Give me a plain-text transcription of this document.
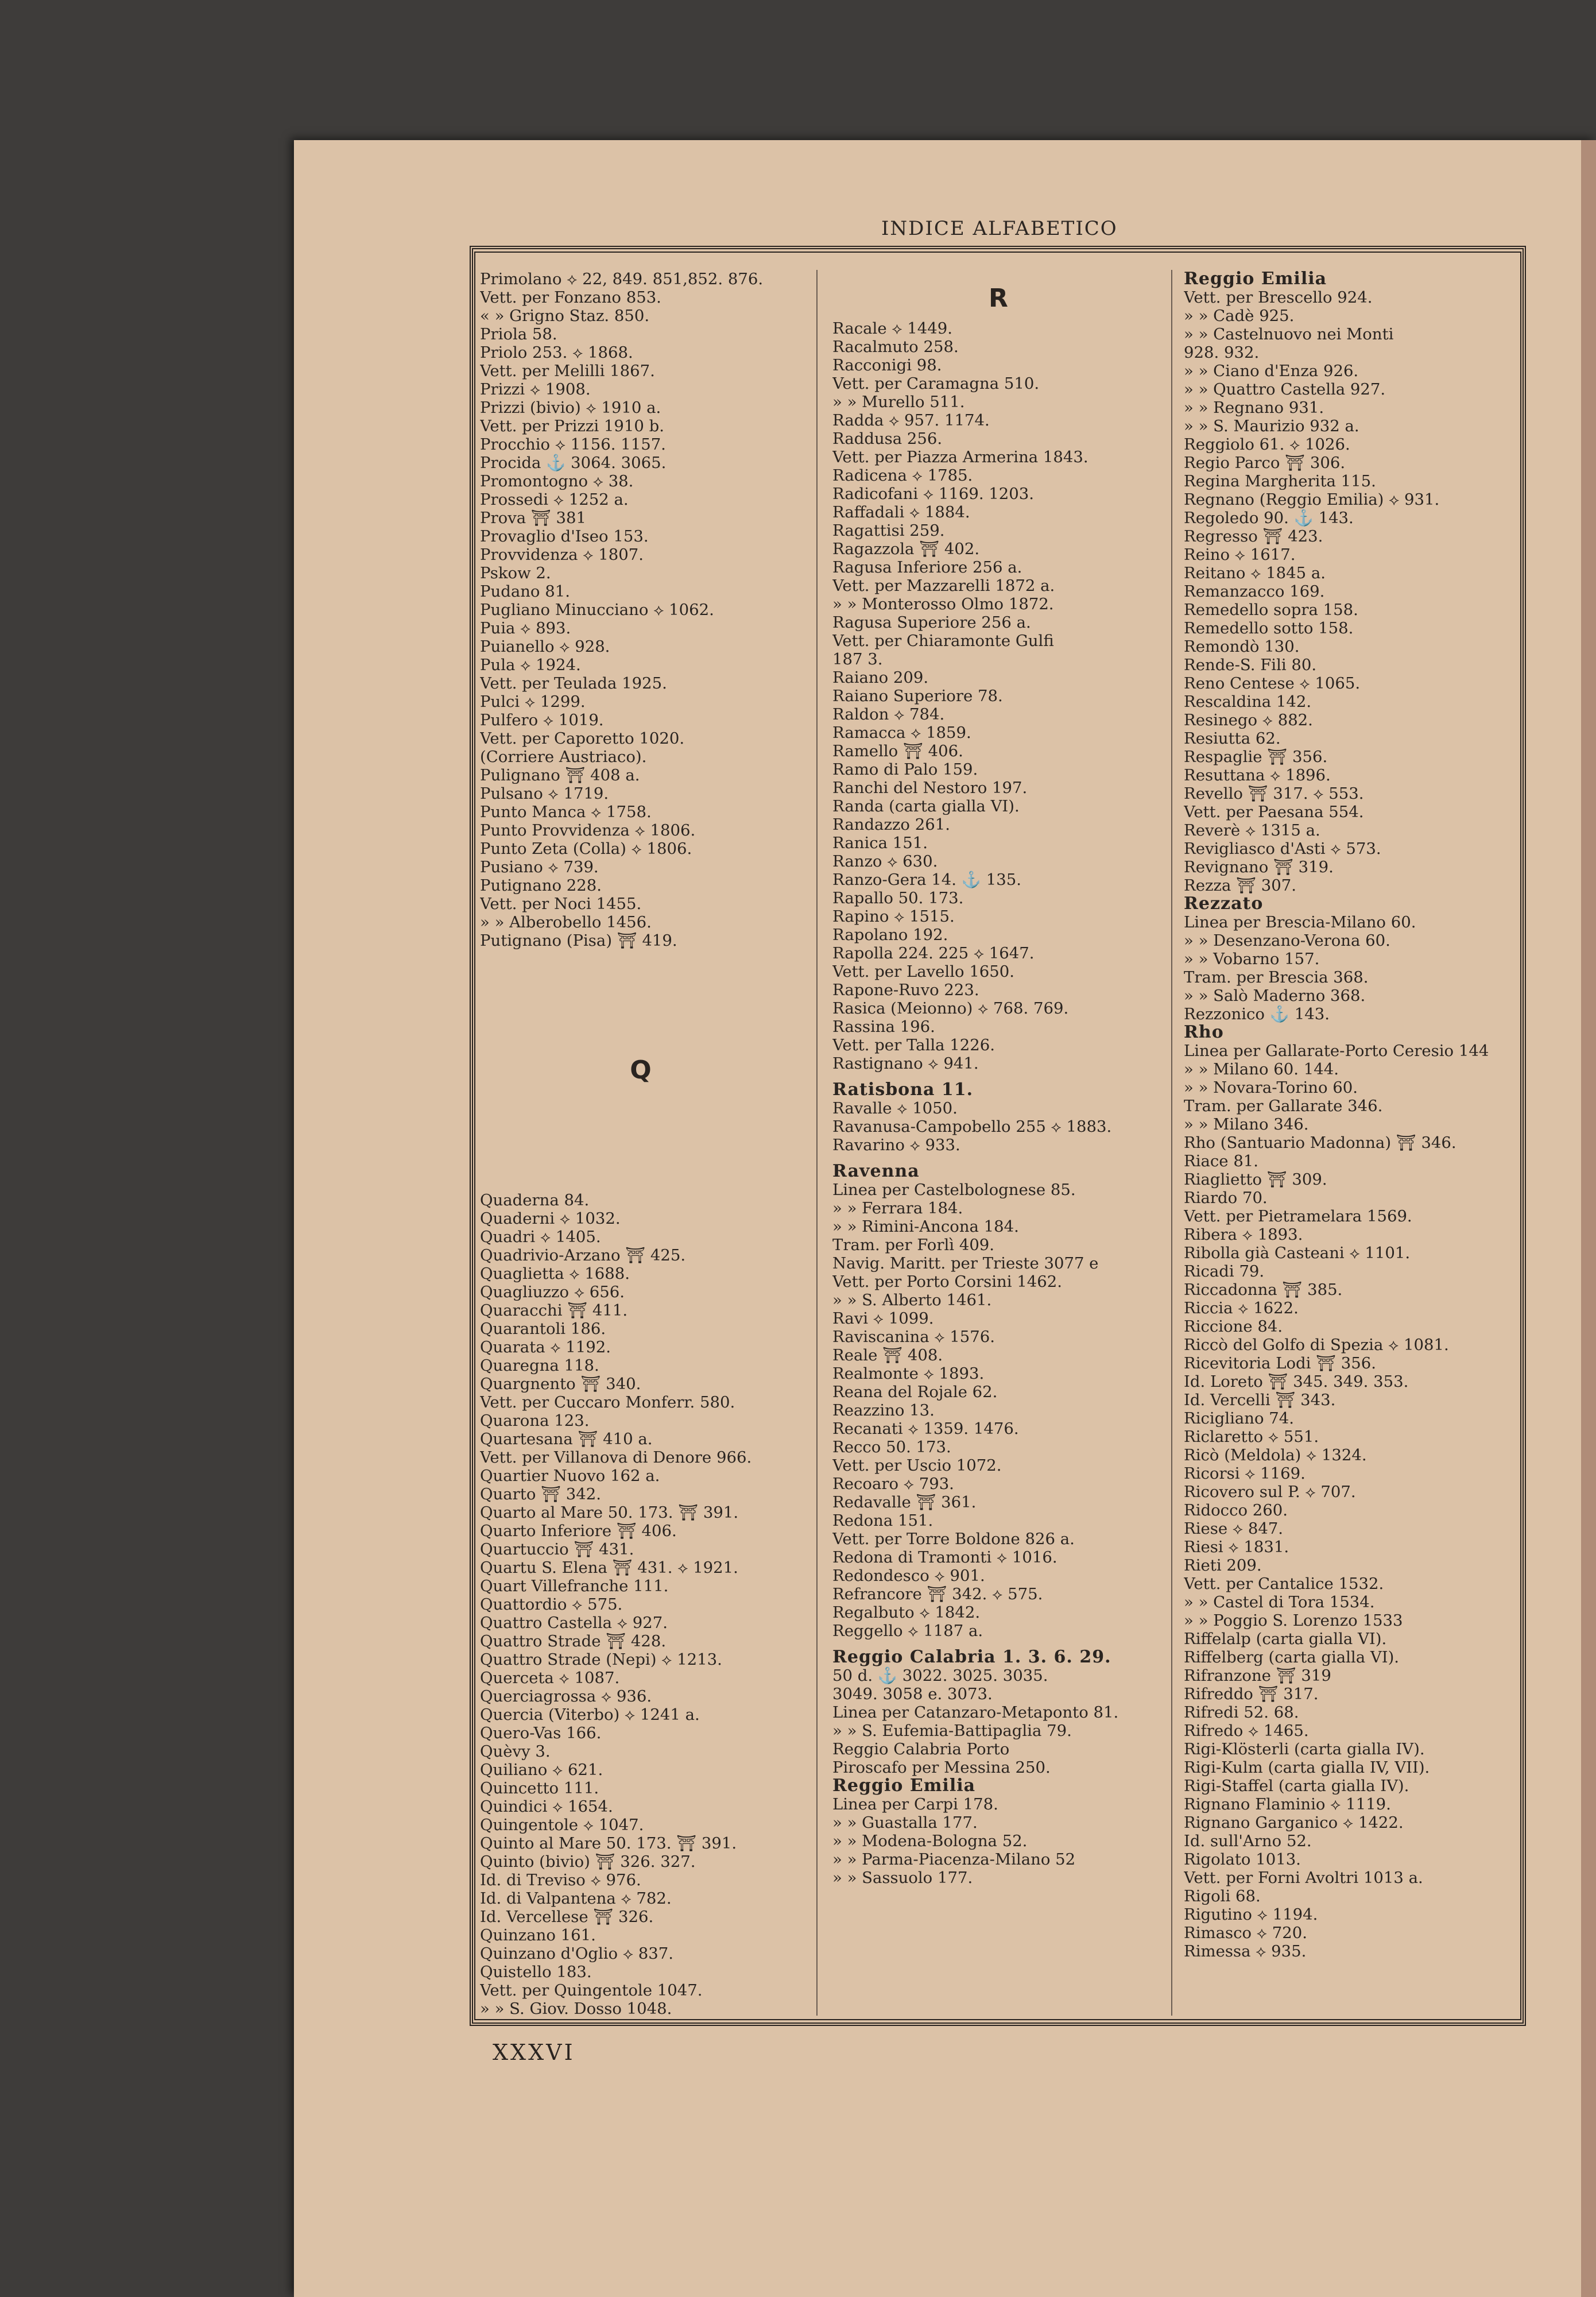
INDICE ALFABETICO
Primolano ⟡ 22, 849. 851,852. 876.
Vett. per Fonzano 853.
« » Grigno Staz. 850.
Priola 58.
Priolo 253. ⟡ 1868.
Vett. per Melilli 1867.
Prizzi ⟡ 1908.
Prizzi (bivio) ⟡ 1910 a.
Vett. per Prizzi 1910 b.
Procchio ⟡ 1156. 1157.
Procida ⚓ 3064. 3065.
Promontogno ⟡ 38.
Prossedi ⟡ 1252 a.
Prova ⛩ 381
Provaglio d'Iseo 153.
Provvidenza ⟡ 1807.
Pskow 2.
Pudano 81.
Pugliano Minucciano ⟡ 1062.
Puia ⟡ 893.
Puianello ⟡ 928.
Pula ⟡ 1924.
Vett. per Teulada 1925.
Pulci ⟡ 1299.
Pulfero ⟡ 1019.
Vett. per Caporetto 1020.
(Corriere Austriaco).
Pulignano ⛩ 408 a.
Pulsano ⟡ 1719.
Punto Manca ⟡ 1758.
Punto Provvidenza ⟡ 1806.
Punto Zeta (Colla) ⟡ 1806.
Pusiano ⟡ 739.
Putignano 228.
Vett. per Noci 1455.
» » Alberobello 1456.
Putignano (Pisa) ⛩ 419.
Q
Quaderna 84.
Quaderni ⟡ 1032.
Quadri ⟡ 1405.
Quadrivio-Arzano ⛩ 425.
Quaglietta ⟡ 1688.
Quagliuzzo ⟡ 656.
Quaracchi ⛩ 411.
Quarantoli 186.
Quarata ⟡ 1192.
Quaregna 118.
Quargnento ⛩ 340.
Vett. per Cuccaro Monferr. 580.
Quarona 123.
Quartesana ⛩ 410 a.
Vett. per Villanova di Denore 966.
Quartier Nuovo 162 a.
Quarto ⛩ 342.
Quarto al Mare 50. 173. ⛩ 391.
Quarto Inferiore ⛩ 406.
Quartuccio ⛩ 431.
Quartu S. Elena ⛩ 431. ⟡ 1921.
Quart Villefranche 111.
Quattordio ⟡ 575.
Quattro Castella ⟡ 927.
Quattro Strade ⛩ 428.
Quattro Strade (Nepi) ⟡ 1213.
Querceta ⟡ 1087.
Querciagrossa ⟡ 936.
Quercia (Viterbo) ⟡ 1241 a.
Quero-Vas 166.
Quèvy 3.
Quiliano ⟡ 621.
Quincetto 111.
Quindici ⟡ 1654.
Quingentole ⟡ 1047.
Quinto al Mare 50. 173. ⛩ 391.
Quinto (bivio) ⛩ 326. 327.
Id. di Treviso ⟡ 976.
Id. di Valpantena ⟡ 782.
Id. Vercellese ⛩ 326.
Quinzano 161.
Quinzano d'Oglio ⟡ 837.
Quistello 183.
Vett. per Quingentole 1047.
» » S. Giov. Dosso 1048.
R
Racale ⟡ 1449.
Racalmuto 258.
Racconigi 98.
Vett. per Caramagna 510.
» » Murello 511.
Radda ⟡ 957. 1174.
Raddusa 256.
Vett. per Piazza Armerina 1843.
Radicena ⟡ 1785.
Radicofani ⟡ 1169. 1203.
Raffadali ⟡ 1884.
Ragattisi 259.
Ragazzola ⛩ 402.
Ragusa Inferiore 256 a.
Vett. per Mazzarelli 1872 a.
» » Monterosso Olmo 1872.
Ragusa Superiore 256 a.
Vett. per Chiaramonte Gulfi
187 3.
Raiano 209.
Raiano Superiore 78.
Raldon ⟡ 784.
Ramacca ⟡ 1859.
Ramello ⛩ 406.
Ramo di Palo 159.
Ranchi del Nestoro 197.
Randa (carta gialla VI).
Randazzo 261.
Ranica 151.
Ranzo ⟡ 630.
Ranzo-Gera 14. ⚓ 135.
Rapallo 50. 173.
Rapino ⟡ 1515.
Rapolano 192.
Rapolla 224. 225 ⟡ 1647.
Vett. per Lavello 1650.
Rapone-Ruvo 223.
Rasica (Meionno) ⟡ 768. 769.
Rassina 196.
Vett. per Talla 1226.
Rastignano ⟡ 941.
Ratisbona 11.
Ravalle ⟡ 1050.
Ravanusa-Campobello 255 ⟡ 1883.
Ravarino ⟡ 933.
Ravenna
Linea per Castelbolognese 85.
» » Ferrara 184.
» » Rimini-Ancona 184.
Tram. per Forlì 409.
Navig. Maritt. per Trieste 3077 e
Vett. per Porto Corsini 1462.
» » S. Alberto 1461.
Ravi ⟡ 1099.
Raviscanina ⟡ 1576.
Reale ⛩ 408.
Realmonte ⟡ 1893.
Reana del Rojale 62.
Reazzino 13.
Recanati ⟡ 1359. 1476.
Recco 50. 173.
Vett. per Uscio 1072.
Recoaro ⟡ 793.
Redavalle ⛩ 361.
Redona 151.
Vett. per Torre Boldone 826 a.
Redona di Tramonti ⟡ 1016.
Redondesco ⟡ 901.
Refrancore ⛩ 342. ⟡ 575.
Regalbuto ⟡ 1842.
Reggello ⟡ 1187 a.
Reggio Calabria 1. 3. 6. 29.
50 d. ⚓ 3022. 3025. 3035.
3049. 3058 e. 3073.
Linea per Catanzaro-Metaponto 81.
» » S. Eufemia-Battipaglia 79.
Reggio Calabria Porto
Piroscafo per Messina 250.
Reggio Emilia
Linea per Carpi 178.
» » Guastalla 177.
» » Modena-Bologna 52.
» » Parma-Piacenza-Milano 52
» » Sassuolo 177.
Reggio Emilia
Vett. per Brescello 924.
» » Cadè 925.
» » Castelnuovo nei Monti
928. 932.
» » Ciano d'Enza 926.
» » Quattro Castella 927.
» » Regnano 931.
» » S. Maurizio 932 a.
Reggiolo 61. ⟡ 1026.
Regio Parco ⛩ 306.
Regina Margherita 115.
Regnano (Reggio Emilia) ⟡ 931.
Regoledo 90. ⚓ 143.
Regresso ⛩ 423.
Reino ⟡ 1617.
Reitano ⟡ 1845 a.
Remanzacco 169.
Remedello sopra 158.
Remedello sotto 158.
Remondò 130.
Rende-S. Fili 80.
Reno Centese ⟡ 1065.
Rescaldina 142.
Resinego ⟡ 882.
Resiutta 62.
Respaglie ⛩ 356.
Resuttana ⟡ 1896.
Revello ⛩ 317. ⟡ 553.
Vett. per Paesana 554.
Reverè ⟡ 1315 a.
Revigliasco d'Asti ⟡ 573.
Revignano ⛩ 319.
Rezza ⛩ 307.
Rezzato
Linea per Brescia-Milano 60.
» » Desenzano-Verona 60.
» » Vobarno 157.
Tram. per Brescia 368.
» » Salò Maderno 368.
Rezzonico ⚓ 143.
Rho
Linea per Gallarate-Porto Ceresio 144
» » Milano 60. 144.
» » Novara-Torino 60.
Tram. per Gallarate 346.
» » Milano 346.
Rho (Santuario Madonna) ⛩ 346.
Riace 81.
Riaglietto ⛩ 309.
Riardo 70.
Vett. per Pietramelara 1569.
Ribera ⟡ 1893.
Ribolla già Casteani ⟡ 1101.
Ricadi 79.
Riccadonna ⛩ 385.
Riccia ⟡ 1622.
Riccione 84.
Riccò del Golfo di Spezia ⟡ 1081.
Ricevitoria Lodi ⛩ 356.
Id. Loreto ⛩ 345. 349. 353.
Id. Vercelli ⛩ 343.
Ricigliano 74.
Riclaretto ⟡ 551.
Ricò (Meldola) ⟡ 1324.
Ricorsi ⟡ 1169.
Ricovero sul P. ⟡ 707.
Ridocco 260.
Riese ⟡ 847.
Riesi ⟡ 1831.
Rieti 209.
Vett. per Cantalice 1532.
» » Castel di Tora 1534.
» » Poggio S. Lorenzo 1533
Riffelalp (carta gialla VI).
Riffelberg (carta gialla VI).
Rifranzone ⛩ 319
Rifreddo ⛩ 317.
Rifredi 52. 68.
Rifredo ⟡ 1465.
Rigi-Klösterli (carta gialla IV).
Rigi-Kulm (carta gialla IV, VII).
Rigi-Staffel (carta gialla IV).
Rignano Flaminio ⟡ 1119.
Rignano Garganico ⟡ 1422.
Id. sull'Arno 52.
Rigolato 1013.
Vett. per Forni Avoltri 1013 a.
Rigoli 68.
Rigutino ⟡ 1194.
Rimasco ⟡ 720.
Rimessa ⟡ 935.
XXXVI
